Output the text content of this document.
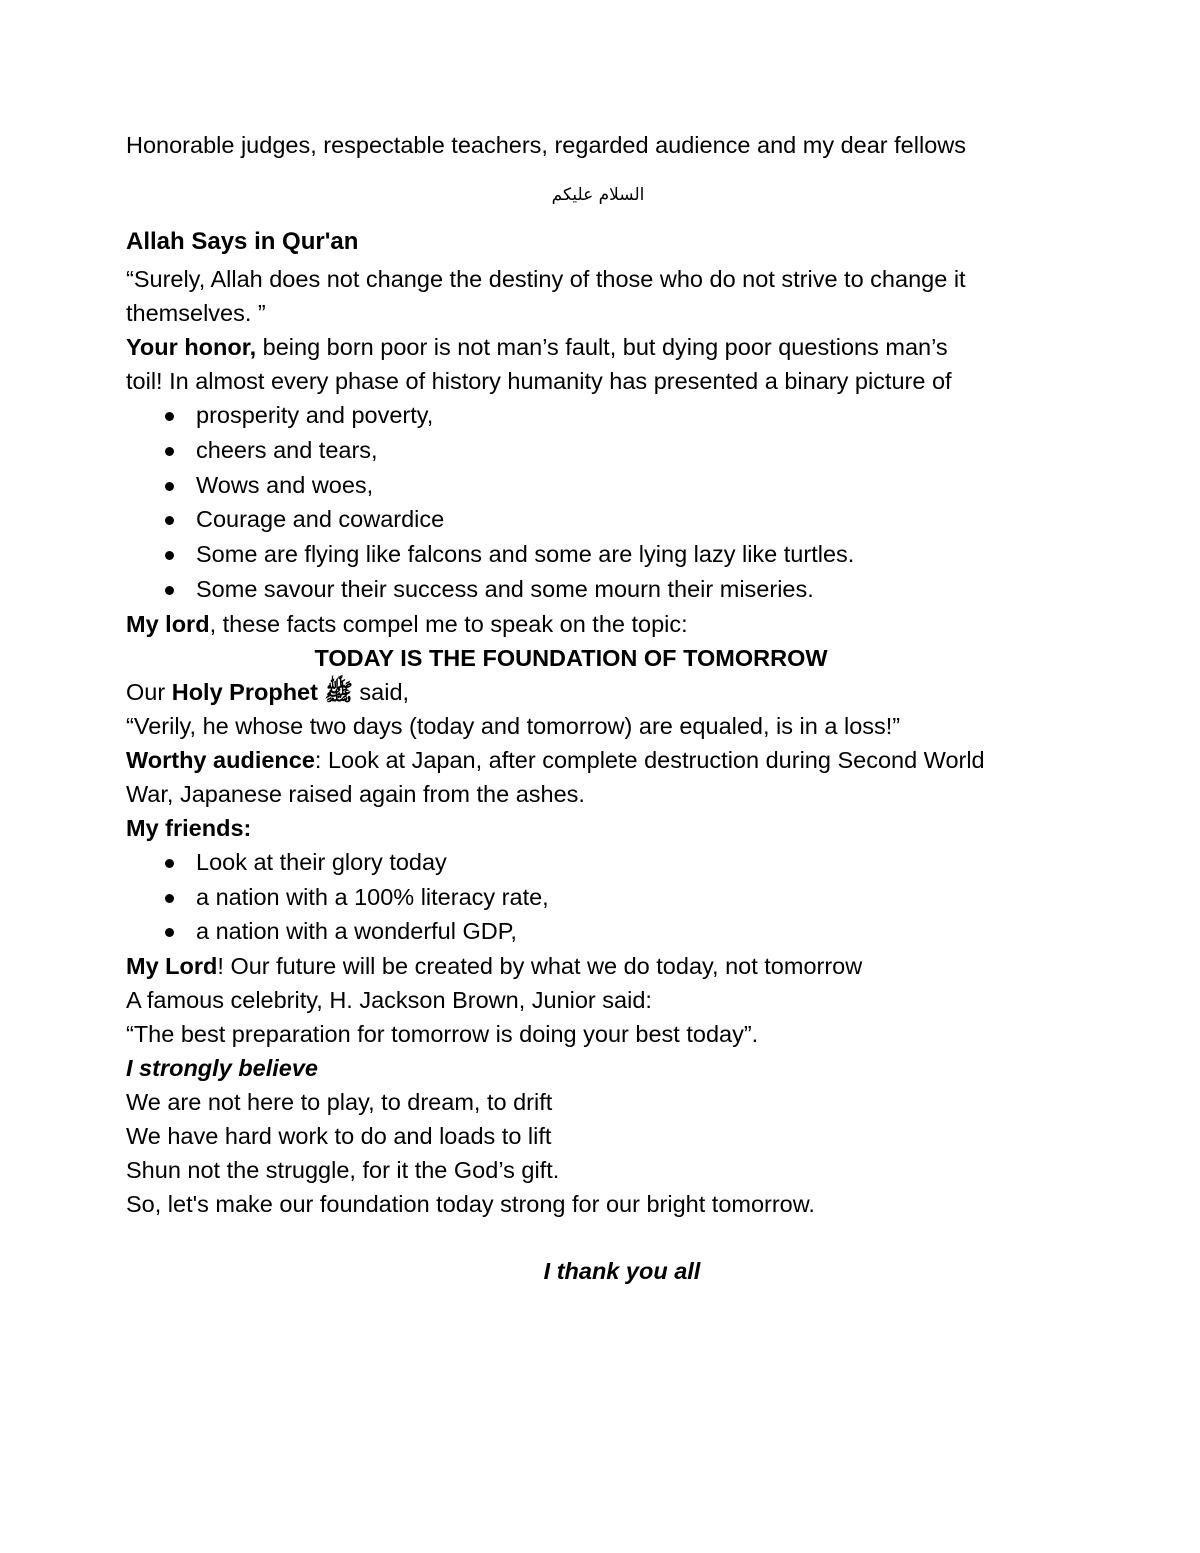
Honorable judges, respectable teachers, regarded audience and my dear fellows

السلام علیکم

Allah Says in Qur'an

“Surely, Allah does not change the destiny of those who do not strive to change it

themselves. ”

Your honor, being born poor is not man’s fault, but dying poor questions man’s

toil! In almost every phase of history humanity has presented a binary picture of

prosperity and poverty,
cheers and tears,
Wows and woes,
Courage and cowardice
Some are flying like falcons and some are lying lazy like turtles.
Some savour their success and some mourn their miseries.

My lord, these facts compel me to speak on the topic:

TODAY IS THE FOUNDATION OF TOMORROW

Our Holy Prophet ﷺ said,

“Verily, he whose two days (today and tomorrow) are equaled, is in a loss!”

Worthy audience: Look at Japan, after complete destruction during Second World

War, Japanese raised again from the ashes.

My friends:

Look at their glory today
a nation with a 100% literacy rate,
a nation with a wonderful GDP,

My Lord! Our future will be created by what we do today, not tomorrow

A famous celebrity, H. Jackson Brown, Junior said:

“The best preparation for tomorrow is doing your best today”.

I strongly believe

We are not here to play, to dream, to drift

We have hard work to do and loads to lift

Shun not the struggle, for it the God’s gift.

So, let's make our foundation today strong for our bright tomorrow.

I thank you all
